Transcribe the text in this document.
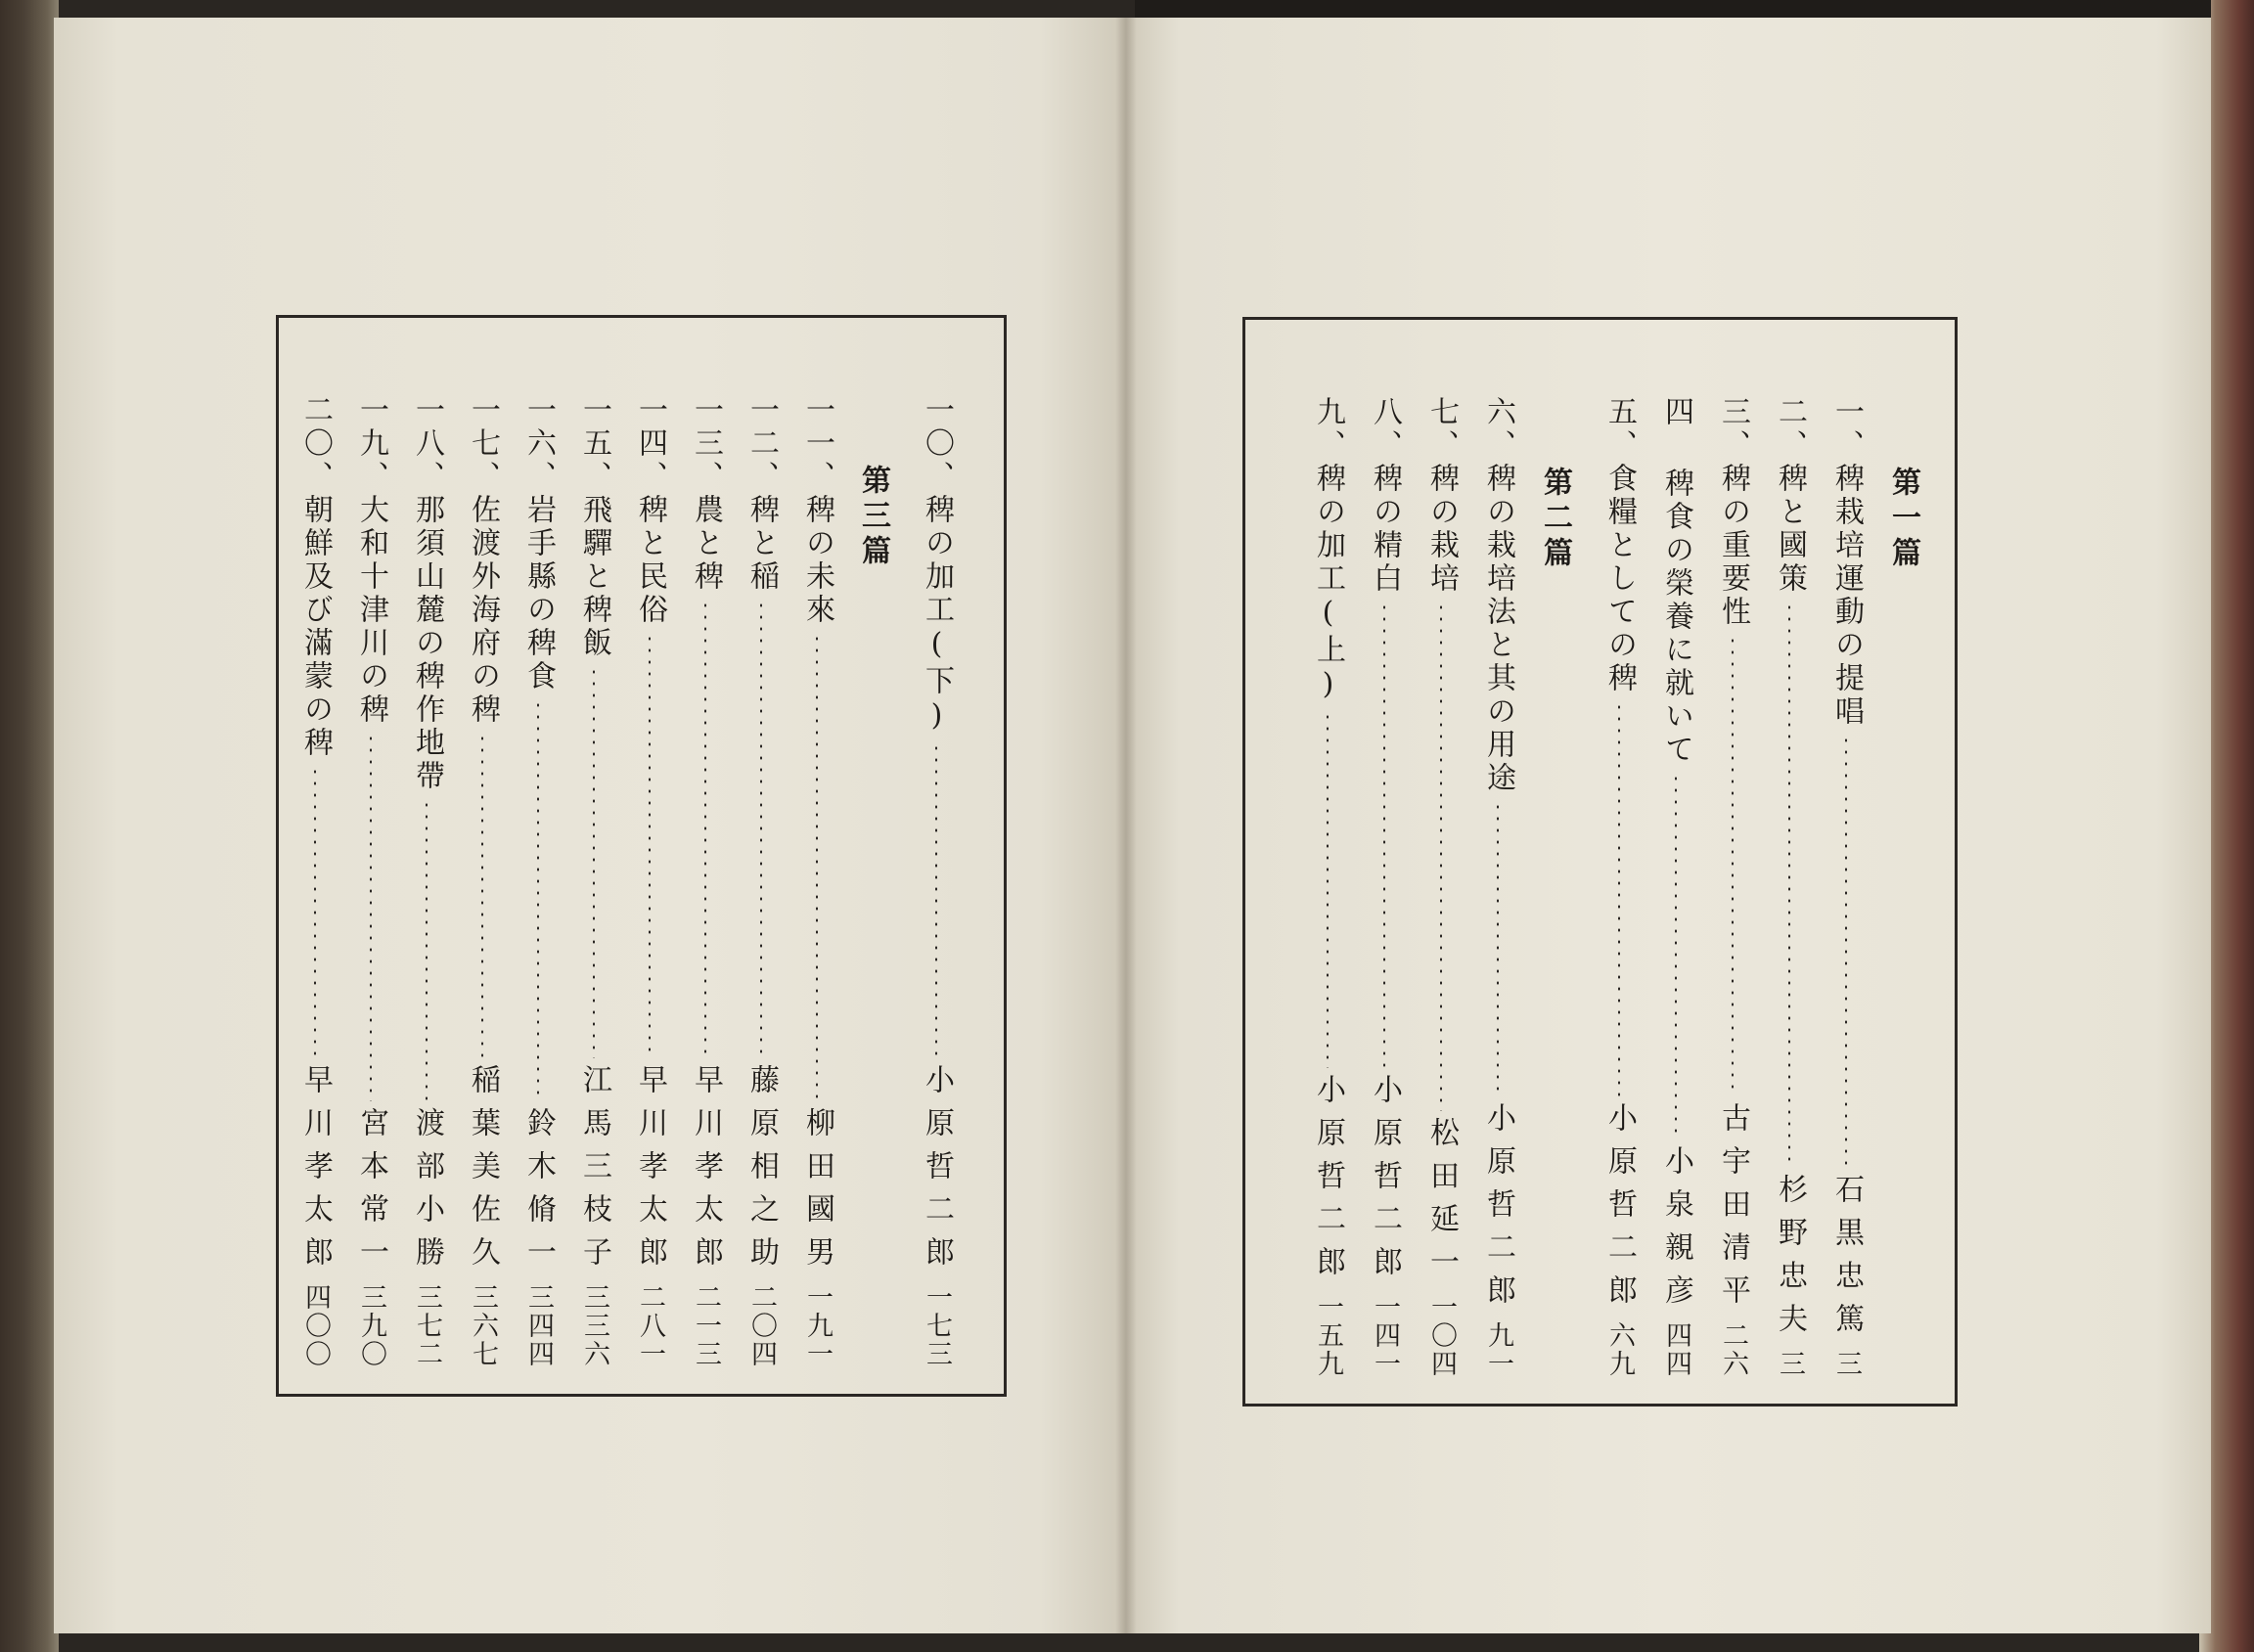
第一篇
一、稗栽培運動の提唱
石黒忠篤
三
二、稗と國策
杉野忠夫
三
三、稗の重要性
古宇田清平
二六
四 稗食の榮養に就いて
小泉親彦
四四
五、食糧としての稗
小原哲二郎
六九
第二篇
六、稗の栽培法と其の用途
小原哲二郎
九一
七、稗の栽培
松田延一
一〇四
八、稗の精白
小原哲二郎
一四一
九、稗の加工(上)
小原哲二郎
一五九
一〇、稗の加工(下)
小原哲二郎
一七三
第三篇
一一、稗の未來
柳田國男
一九一
一二、稗と稲
藤原相之助
二〇四
一三、農と稗
早川孝太郎
二一三
一四、稗と民俗
早川孝太郎
二八一
一五、飛驒と稗飯
江馬三枝子
三三六
一六、岩手縣の稗食
鈴木脩一
三四四
一七、佐渡外海府の稗
稲葉美佐久
三六七
一八、那須山麓の稗作地帶
渡部小勝
三七二
一九、大和十津川の稗
宮本常一
三九〇
二〇、朝鮮及び滿蒙の稗
早川孝太郎
四〇〇
